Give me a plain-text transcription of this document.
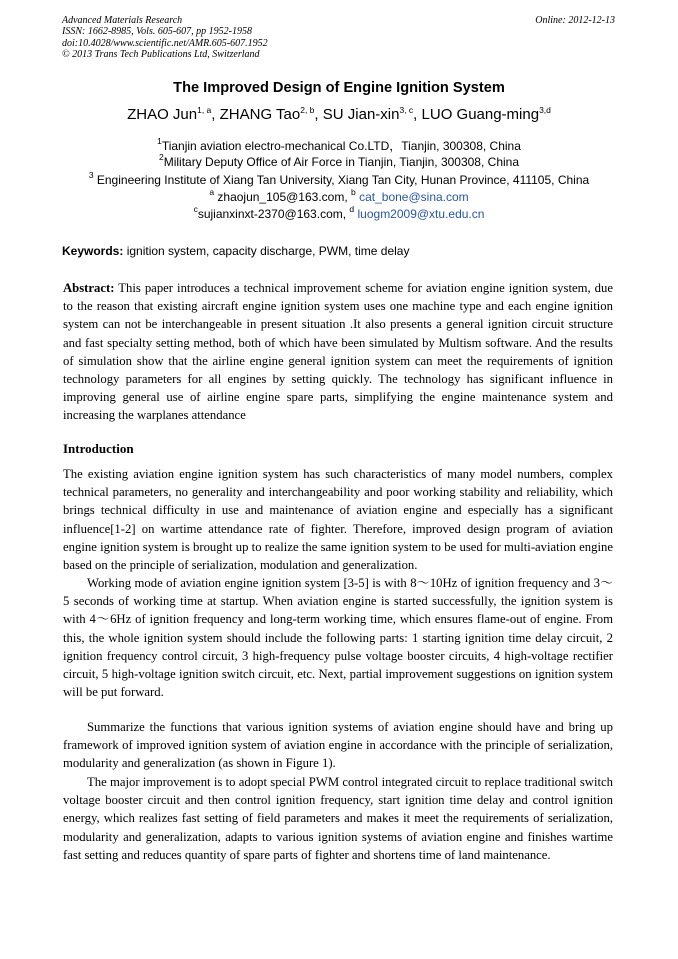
Advanced Materials Research
ISSN: 1662-8985, Vols. 605-607, pp 1952-1958
doi:10.4028/www.scientific.net/AMR.605-607.1952
© 2013 Trans Tech Publications Ltd, Switzerland
Online: 2012-12-13
The Improved Design of Engine Ignition System
ZHAO Jun$^{1, a}$, ZHANG Tao$^{2, b}$, SU Jian-xin$^{3, c}$, LUO Guang-ming$^{3,d}$
$^1$Tianjin aviation electro-mechanical Co.LTD，Tianjin, 300308, China
$^2$Military Deputy Office of Air Force in Tianjin, Tianjin, 300308, China
$^3$ Engineering Institute of Xiang Tan University, Xiang Tan City, Hunan Province, 411105, China
$^a$ zhaojun_105@163.com, $^b$ cat_bone@sina.com
$^c$sujianxinxt-2370@163.com, $^d$ luogm2009@xtu.edu.cn
Keywords: ignition system, capacity discharge, PWM, time delay
Abstract: This paper introduces a technical improvement scheme for aviation engine ignition system, due to the reason that existing aircraft engine ignition system uses one machine type and each engine ignition system can not be interchangeable in present situation .It also presents a general ignition circuit structure and fast specialty setting method, both of which have been simulated by Multism software. And the results of simulation show that the airline engine general ignition system can meet the requirements of ignition technology parameters for all engines by setting quickly. The technology has significant influence in improving general use of airline engine spare parts, simplifying the engine maintenance system and increasing the warplanes attendance
Introduction
The existing aviation engine ignition system has such characteristics of many model numbers, complex technical parameters, no generality and interchangeability and poor working stability and reliability, which brings technical difficulty in use and maintenance of aviation engine and especially has a significant influence[1-2] on wartime attendance rate of fighter. Therefore, improved design program of aviation engine ignition system is brought up to realize the same ignition system to be used for multi-aviation engine based on the principle of serialization, modulation and generalization.
Working mode of aviation engine ignition system [3-5] is with 8～10Hz of ignition frequency and 3～5 seconds of working time at startup. When aviation engine is started successfully, the ignition system is with 4～6Hz of ignition frequency and long-term working time, which ensures flame-out of engine. From this, the whole ignition system should include the following parts: 1 starting ignition time delay circuit, 2 ignition frequency control circuit, 3 high-frequency pulse voltage booster circuits, 4 high-voltage rectifier circuit, 5 high-voltage ignition switch circuit, etc. Next, partial improvement suggestions on ignition system will be put forward.
Summarize the functions that various ignition systems of aviation engine should have and bring up framework of improved ignition system of aviation engine in accordance with the principle of serialization, modularity and generalization (as shown in Figure 1).
The major improvement is to adopt special PWM control integrated circuit to replace traditional switch voltage booster circuit and then control ignition frequency, start ignition time delay and control ignition energy, which realizes fast setting of field parameters and makes it meet the requirements of serialization, modularity and generalization, adapts to various ignition systems of aviation engine and finishes wartime fast setting and reduces quantity of spare parts of fighter and shortens time of land maintenance.
